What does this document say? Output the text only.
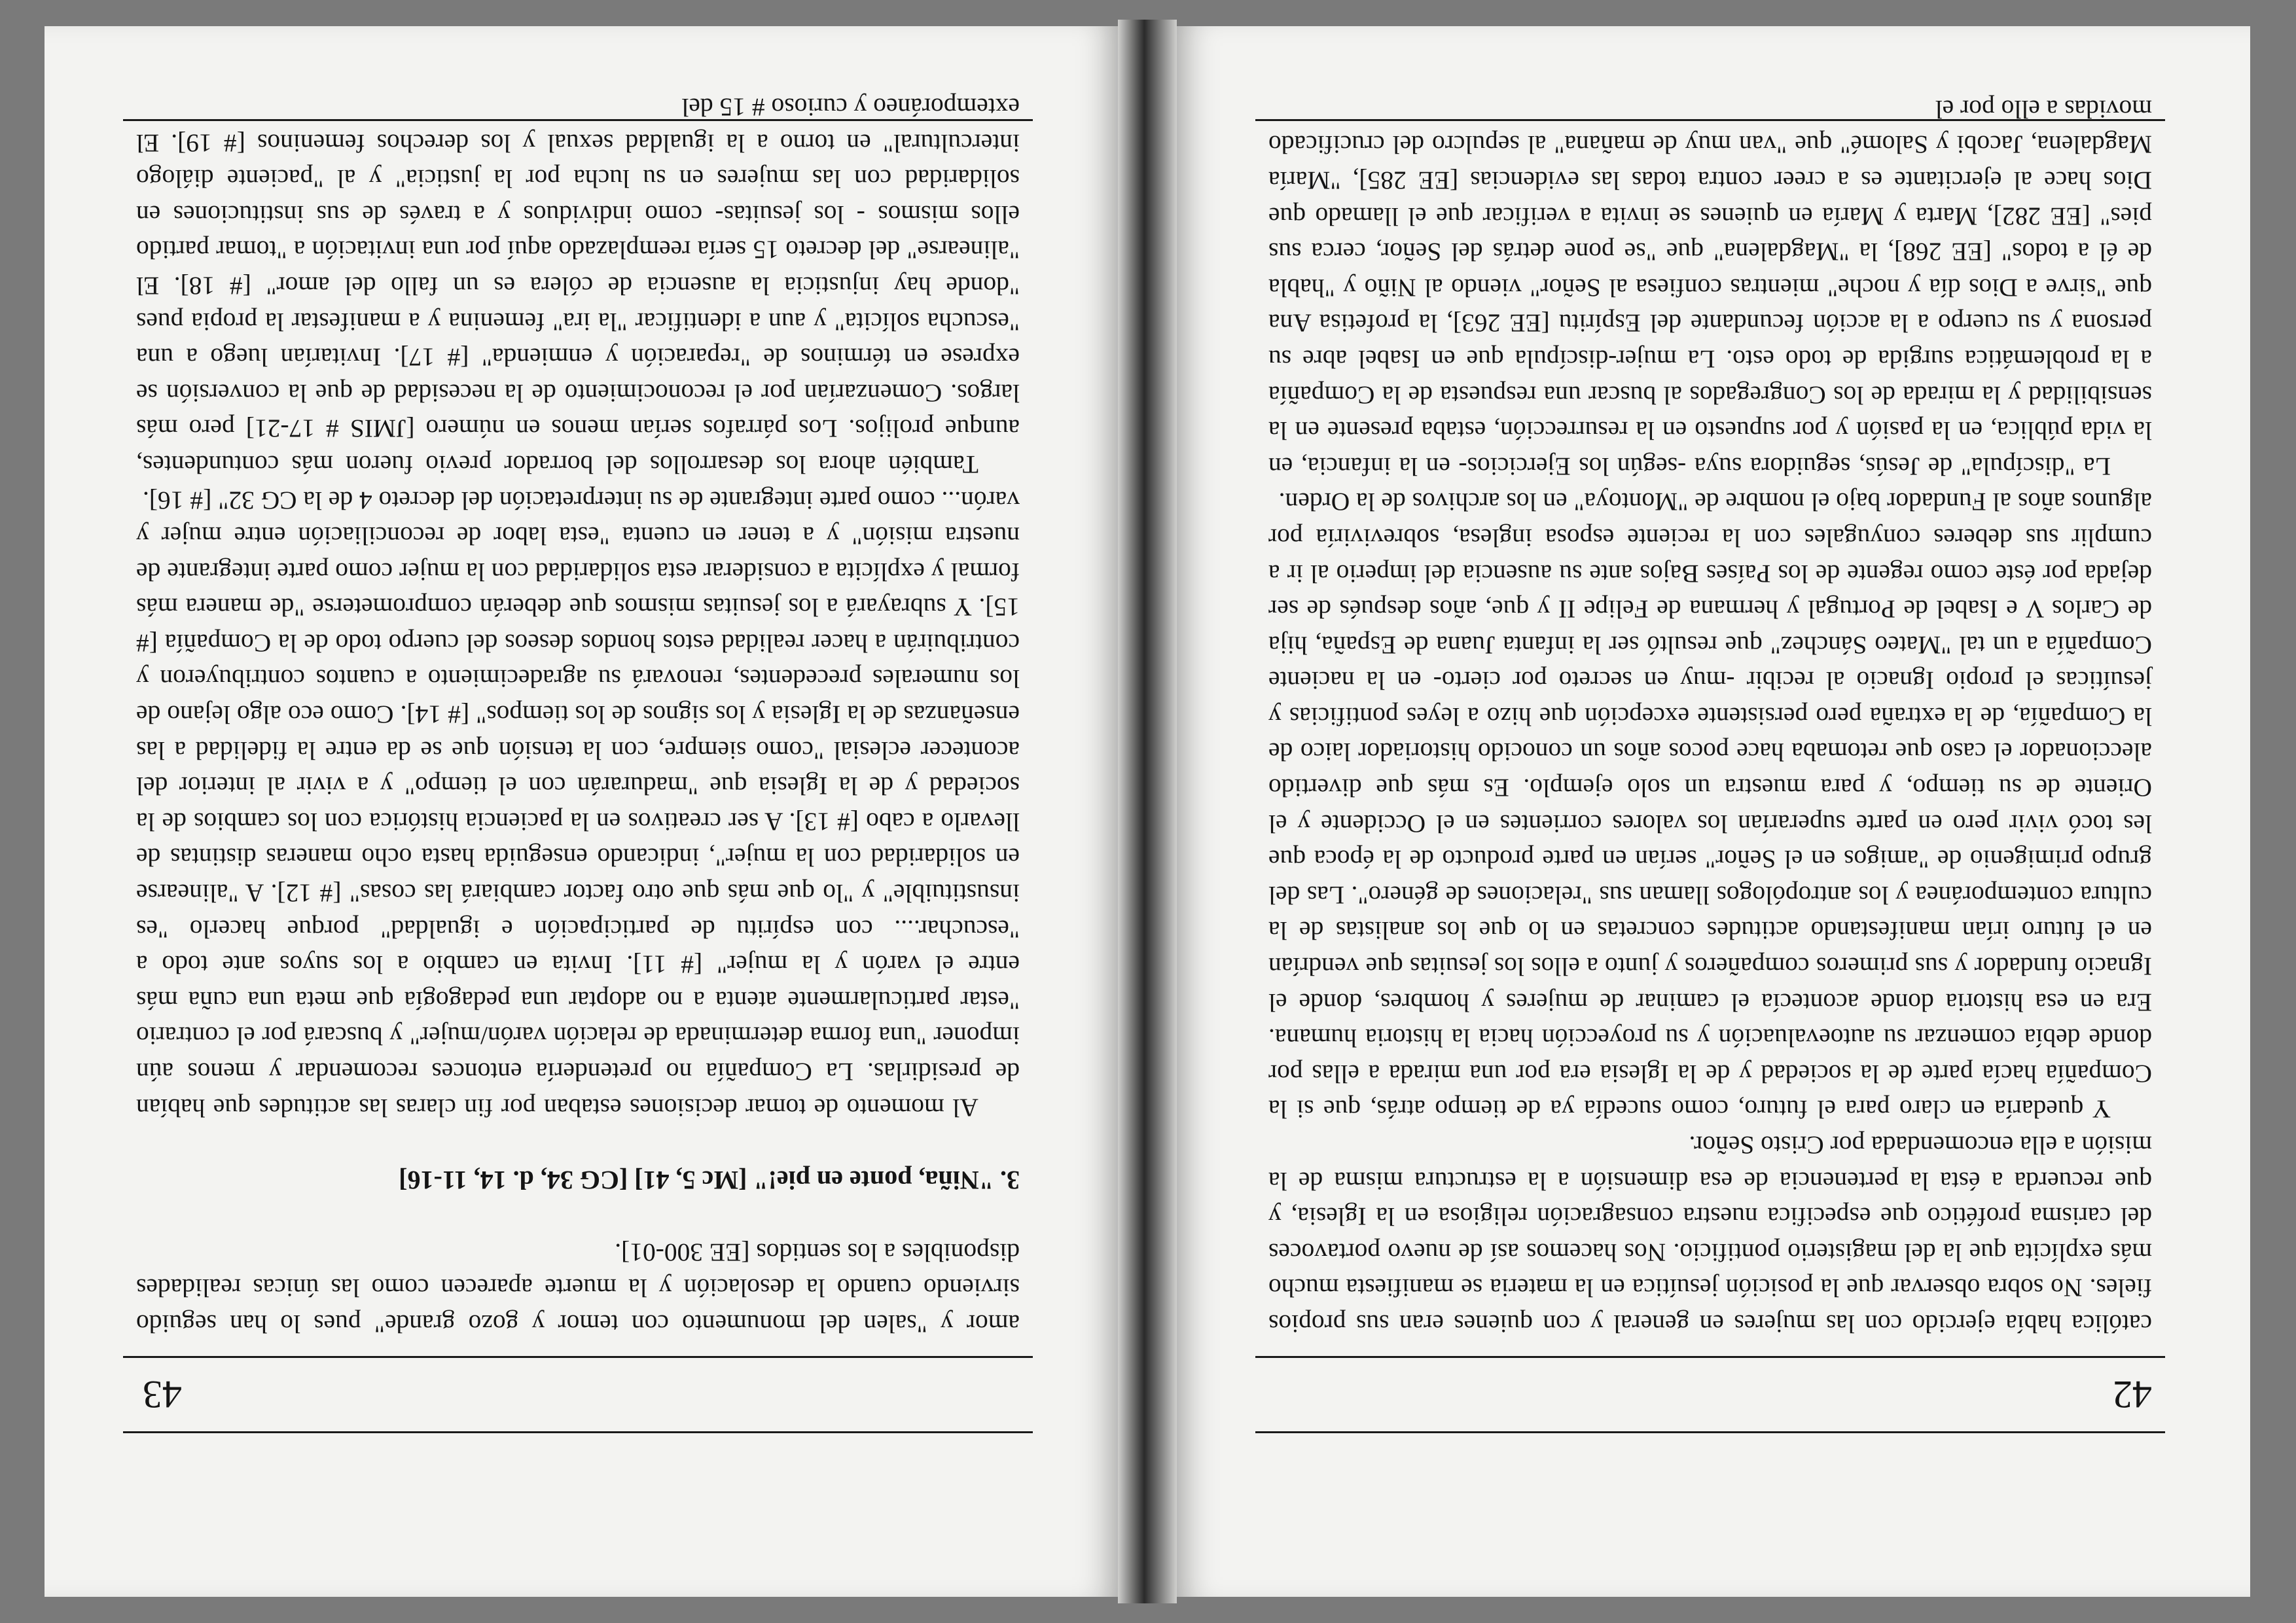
42

católica había ejercido con las mujeres en general y con quienes eran sus propios fieles. No sobra observar que la posición jesuítica en la materia se manifiesta mucho más explícita que la del magisterio pontificio. Nos hacemos así de nuevo portavoces del carisma profético que especifica nuestra consagración religiosa en la Iglesia, y que recuerda a ésta la pertenencia de esa dimensión a la estructura misma de la misión a ella encomendada por Cristo Señor.

Y quedaría en claro para el futuro, como sucedía ya de tiempo atrás, que si la Compañía hacía parte de la sociedad y de la Iglesia era por una mirada a ellas por donde debía comenzar su autoevaluación y su proyección hacia la historia humana. Era en esa historia donde acontecía el caminar de mujeres y hombres, donde el Ignacio fundador y sus primeros compañeros y junto a ellos los jesuitas que vendrían en el futuro irían manifestando actitudes concretas en lo que los analistas de la cultura contemporánea y los antropólogos llaman sus "relaciones de género". Las del grupo primigenio de "amigos en el Señor" serían en parte producto de la época que les tocó vivir pero en parte superarían los valores corrientes en el Occidente y el Oriente de su tiempo, y para muestra un solo ejemplo. Es más que divertido aleccionador el caso que retomaba hace pocos años un conocido historiador laico de la Compañía, de la extraña pero persistente excepción que hizo a leyes pontificias y jesuíticas el propio Ignacio al recibir -muy en secreto por cierto- en la naciente Compañía a un tal "Mateo Sánchez" que resultó ser la infanta Juana de España, hija de Carlos V e Isabel de Portugal y hermana de Felipe II y que, años después de ser dejada por éste como regente de los Países Bajos ante su ausencia del imperio al ir a cumplir sus deberes conyugales con la reciente esposa inglesa, sobreviviría por algunos años al Fundador bajo el nombre de "Montoya" en los archivos de la Orden.

La "discípula" de Jesús, seguidora suya -según los Ejercicios- en la infancia, en la vida pública, en la pasión y por supuesto en la resurrección, estaba presente en la sensibilidad y la mirada de los Congregados al buscar una respuesta de la Compañía a la problemática surgida de todo esto. La mujer-discípula que en Isabel abre su persona y su cuerpo a la acción fecundante del Espíritu [EE 263], la profetisa Ana que "sirve a Dios día y noche" mientras confiesa al Señor" viendo al Niño y "habla de él a todos" [EE 268], la "Magdalena" que "se pone detrás del Señor, cerca sus pies" [EE 282], Marta y María en quienes se invita a verificar que el llamado que Dios hace al ejercitante es a creer contra todas las evidencias [EE 285], "María Magdalena, Jacobi y Salomé" que "van muy de mañana" al sepulcro del crucificado movidas a ello por el

43

amor y "salen del monumento con temor y gozo grande" pues lo han seguido sirviendo cuando la desolación y la muerte aparecen como las únicas realidades disponibles a los sentidos [EE 300-01].

3. "Niña, ponte en pie!" [Mc 5, 41] [CG 34, d. 14, 11-16]

Al momento de tomar decisiones estaban por fin claras las actitudes que habían de presidirlas. La Compañía no pretendería entonces recomendar y menos aún imponer "una forma determinada de relación varón/mujer" y buscará por el contrario "estar particularmente atenta a no adoptar una pedagogía que meta una cuña más entre el varón y la mujer" [# 11]. Invita en cambio a los suyos ante todo a "escuchar.... con espíritu de participación e igualdad" porque hacerlo "es insustituible" y "lo que más que otro factor cambiará las cosas" [# 12]. A "alinearse en solidaridad con la mujer", indicando enseguida hasta ocho maneras distintas de llevarlo a cabo [# 13]. A ser creativos en la paciencia histórica con los cambios de la sociedad y de la Iglesia que "madurarán con el tiempo" y a vivir al interior del acontecer eclesial "como siempre, con la tensión que se da entre la fidelidad a las enseñanzas de la Iglesia y los signos de los tiempos" [# 14]. Como eco algo lejano de los numerales precedentes, renovará su agradecimiento a cuantos contribuyeron y contribuirán a hacer realidad estos hondos deseos del cuerpo todo de la Compañía [# 15]. Y subrayará a los jesuitas mismos que deberán comprometerse "de manera más formal y explícita a considerar esta solidaridad con la mujer como parte integrante de nuestra misión" y a tener en cuenta "esta labor de reconciliación entre mujer y varón... como parte integrante de su interpretación del decreto 4 de la CG 32" [# 16].

También ahora los desarrollos del borrador previo fueron más contundentes, aunque prolijos. Los párrafos serían menos en número [JMIS # 17-21] pero más largos. Comenzarían por el reconocimiento de la necesidad de que la conversión se exprese en términos de "reparación y enmienda" [# 17]. Invitarían luego a una "escucha solícita" y aun a identificar "la ira" femenina y a manifestar la propia pues "donde hay injusticia la ausencia de cólera es un fallo del amor" [# 18]. El "alinearse" del decreto 15 sería reemplazado aquí por una invitación a "tomar partido ellos mismos - los jesuitas- como individuos y a través de sus instituciones en solidaridad con las mujeres en su lucha por la justicia" y al "paciente diálogo intercultural" en torno a la igualdad sexual y los derechos femeninos [# 19]. El extemporáneo y curioso # 15 del
